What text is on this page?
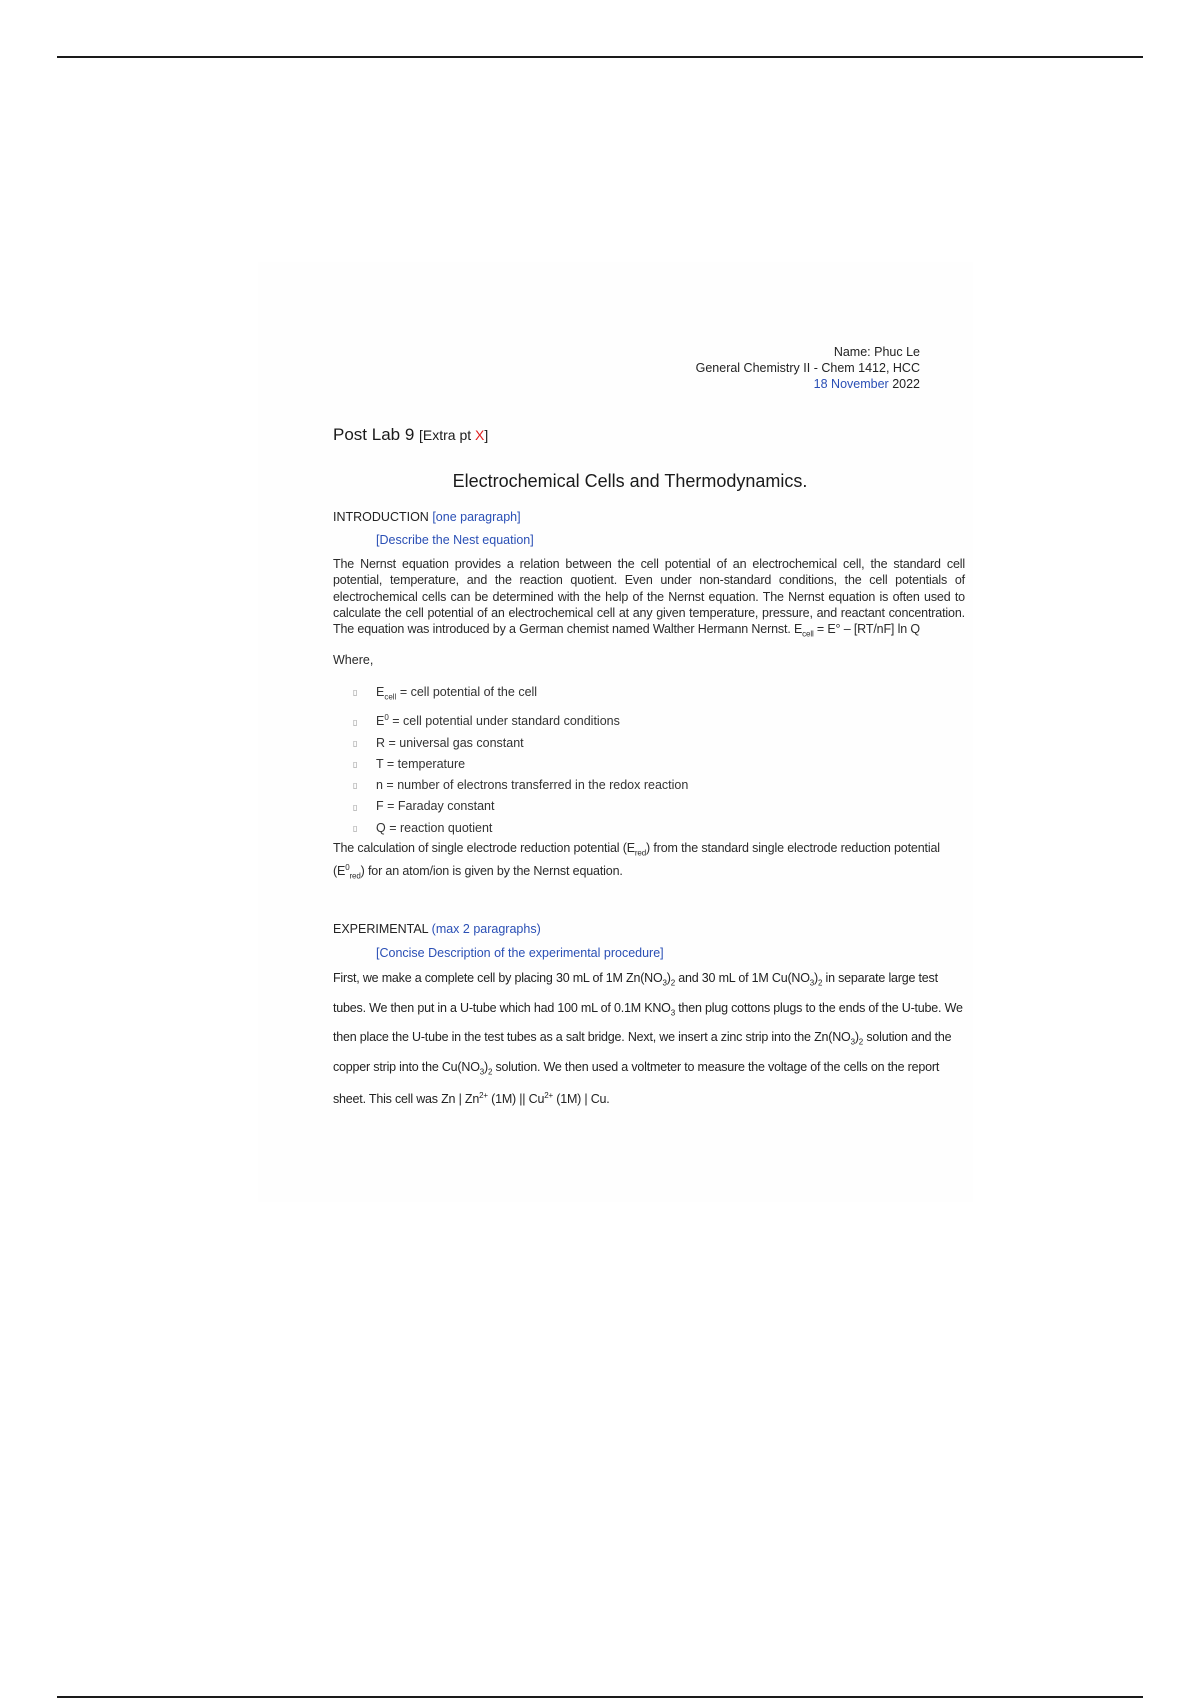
Name: Phuc Le
General Chemistry II - Chem 1412, HCC
18 November 2022
Post Lab 9 [Extra pt X]
Electrochemical Cells and Thermodynamics.
INTRODUCTION [one paragraph]
[Describe the Nest equation]
The Nernst equation provides a relation between the cell potential of an electrochemical cell, the standard cell potential, temperature, and the reaction quotient. Even under non-standard conditions, the cell potentials of electrochemical cells can be determined with the help of the Nernst equation. The Nernst equation is often used to calculate the cell potential of an electrochemical cell at any given temperature, pressure, and reactant concentration. The equation was introduced by a German chemist named Walther Hermann Nernst. $E_{cell} = E^\circ - [RT/nF]$ ln Q
Where,
▯ $E_{cell}$ = cell potential of the cell
▯ $E^0$ = cell potential under standard conditions
▯ R = universal gas constant
▯ T = temperature
▯ n = number of electrons transferred in the redox reaction
▯ F = Faraday constant
▯ Q = reaction quotient
The calculation of single electrode reduction potential $(E_{red})$ from the standard single electrode reduction potential $(E^0_{red})$ for an atom/ion is given by the Nernst equation.
EXPERIMENTAL (max 2 paragraphs)
[Concise Description of the experimental procedure]
First, we make a complete cell by placing 30 mL of 1M $Zn(NO_3)_2$ and 30 mL of 1M $Cu(NO_3)_2$ in separate large test tubes. We then put in a U-tube which had 100 mL of 0.1M $KNO_3$ then plug cottons plugs to the ends of the U-tube. We then place the U-tube in the test tubes as a salt bridge. Next, we insert a zinc strip into the $Zn(NO_3)_2$ solution and the copper strip into the $Cu(NO_3)_2$ solution. We then used a voltmeter to measure the voltage of the cells on the report sheet. This cell was Zn | $Zn^{2+}$ (1M) || $Cu^{2+}$ (1M) | Cu.
